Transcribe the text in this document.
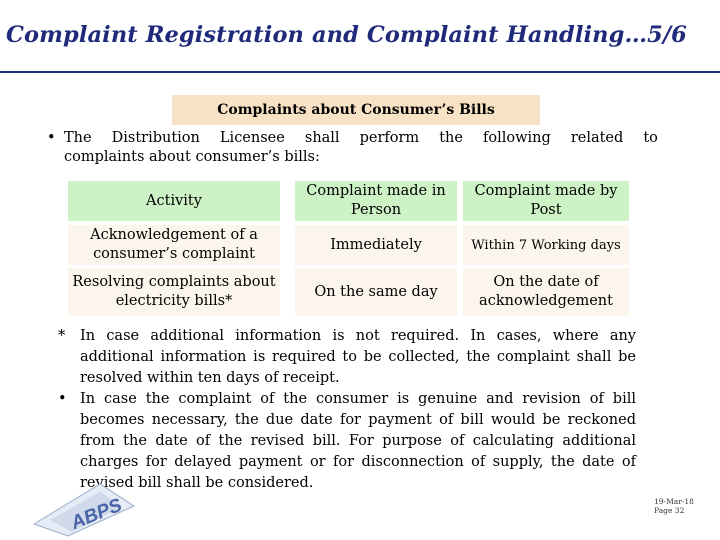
Complaint Registration and Complaint Handling…5/6
Complaints about Consumer’s Bills
• The Distribution Licensee shall perform the following related to
complaints about consumer’s bills:
Activity
Complaint made in Person
Complaint made by Post
Acknowledgement of a consumer’s complaint
Immediately	Within 7 Working days
Resolving complaints about electricity bills*
On the same day
On the date of acknowledgement
* In case additional information is not required. In cases, where any additional information is required to be collected, the complaint shall be resolved within ten days of receipt.
• In case the complaint of the consumer is genuine and revision of bill becomes necessary, the due date for payment of bill would be reckoned from the date of the revised bill. For purpose of calculating additional charges for delayed payment or for disconnection of supply, the date of revised bill shall be considered.
ABPS	19-Mar-18
Page 32
